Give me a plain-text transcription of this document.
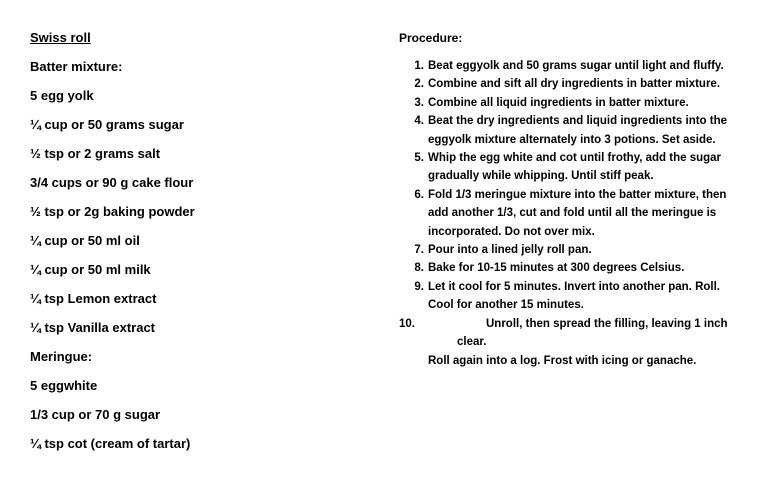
Swiss roll
Batter mixture:
5 egg yolk
¼ cup or 50 grams sugar
½ tsp or 2 grams salt
3/4 cups or 90 g cake flour
½ tsp or 2g baking powder
¼ cup or 50 ml oil
¼ cup or 50 ml milk
¼ tsp Lemon extract
¼ tsp Vanilla extract
Meringue:
5 eggwhite
1/3 cup or 70 g sugar
¼ tsp cot (cream of tartar)
Procedure:
1. Beat eggyolk and 50 grams sugar until light and fluffy.
2. Combine and sift all dry ingredients in batter mixture.
3. Combine all liquid ingredients in batter mixture.
4. Beat the dry ingredients and liquid ingredients into the
eggyolk mixture alternately into 3 potions. Set aside.
5. Whip the egg white and cot until frothy, add the sugar
gradually while whipping. Until stiff peak.
6. Fold 1/3 meringue mixture into the batter mixture, then
add another 1/3, cut and fold until all the meringue is
incorporated. Do not over mix.
7. Pour into a lined jelly roll pan.
8. Bake for 10-15 minutes at 300 degrees Celsius.
9. Let it cool for 5 minutes. Invert into another pan. Roll.
Cool for another 15 minutes.
10.	Unroll, then spread the filling, leaving 1 inch clear.
Roll again into a log. Frost with icing or ganache.
